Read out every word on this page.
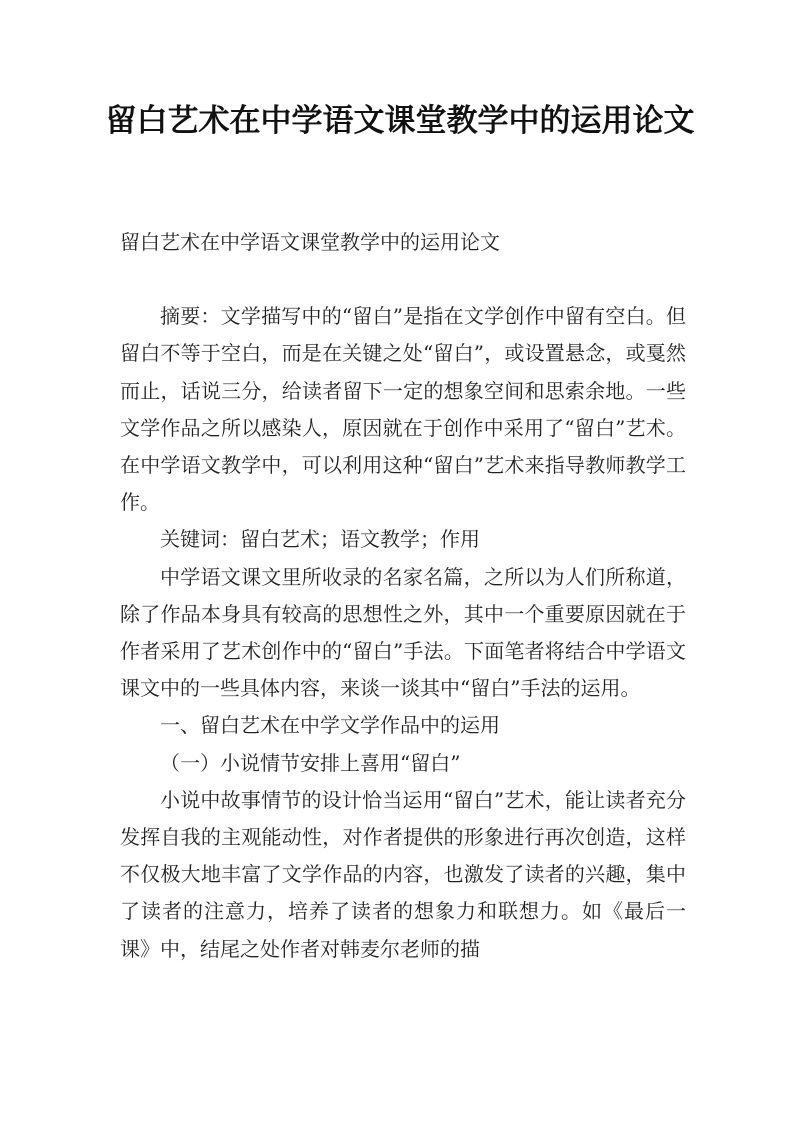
留白艺术在中学语文课堂教学中的运用论文

留白艺术在中学语文课堂教学中的运用论文

摘要：文学描写中的“留白”是指在文学创作中留有空白。但留白不等于空白，而是在关键之处“留白”，或设置悬念，或戛然而止，话说三分，给读者留下一定的想象空间和思索余地。一些文学作品之所以感染人，原因就在于创作中采用了“留白”艺术。在中学语文教学中，可以利用这种“留白”艺术来指导教师教学工作。

关键词：留白艺术；语文教学；作用

中学语文课文里所收录的名家名篇，之所以为人们所称道，除了作品本身具有较高的思想性之外，其中一个重要原因就在于作者采用了艺术创作中的“留白”手法。下面笔者将结合中学语文课文中的一些具体内容，来谈一谈其中“留白”手法的运用。

一、留白艺术在中学文学作品中的运用

（一）小说情节安排上喜用“留白”

小说中故事情节的设计恰当运用“留白”艺术，能让读者充分发挥自我的主观能动性，对作者提供的形象进行再次创造，这样不仅极大地丰富了文学作品的内容，也激发了读者的兴趣，集中了读者的注意力，培养了读者的想象力和联想力。如《最后一课》中，结尾之处作者对韩麦尔老师的描
